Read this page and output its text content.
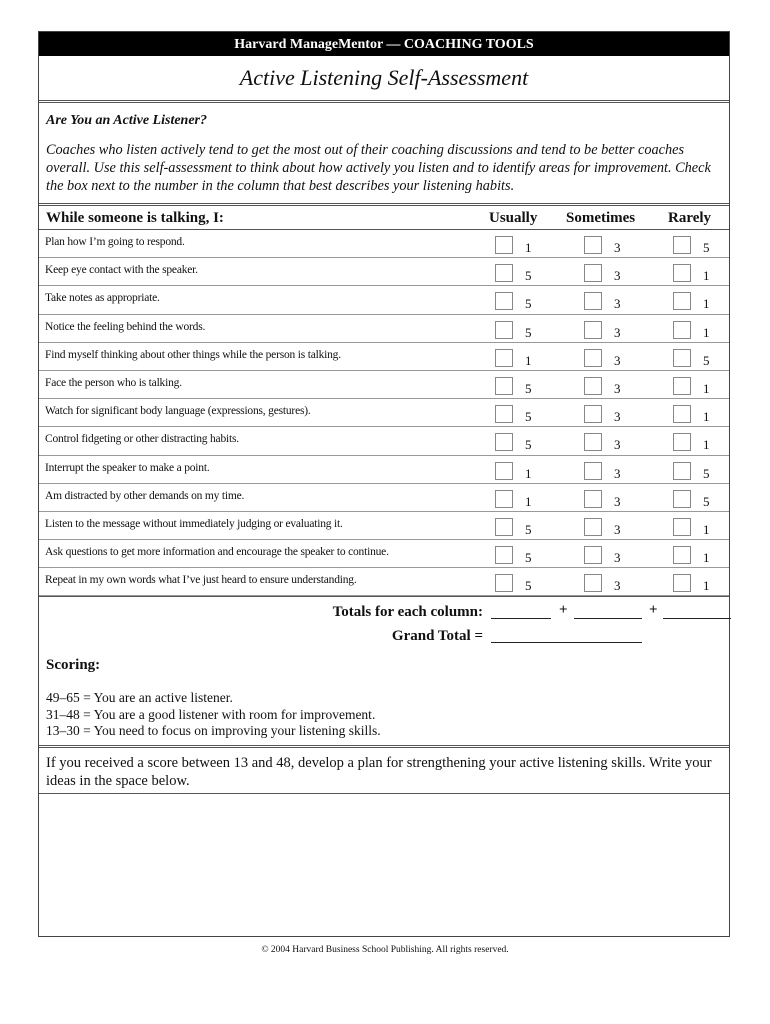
Harvard ManageMentor — COACHING TOOLS
Active Listening Self-Assessment

Are You an Active Listener?

Coaches who listen actively tend to get the most out of their coaching discussions and tend to be better coaches overall. Use this self-assessment to think about how actively you listen and to identify areas for improvement. Check the box next to the number in the column that best describes your listening habits.

While someone is talking, I:	Usually Sometimes Rarely
Plan how I’m going to respond.	1	3	5
Keep eye contact with the speaker.	5	3	1
Take notes as appropriate.	5	3	1
Notice the feeling behind the words.	5	3	1
Find myself thinking about other things while the person is talking.	1	3	5
Face the person who is talking.	5	3	1
Watch for significant body language (expressions, gestures).	5	3	1
Control fidgeting or other distracting habits.	5	3	1
Interrupt the speaker to make a point.	1	3	5
Am distracted by other demands on my time.	1	3	5
Listen to the message without immediately judging or evaluating it.	5	3	1
Ask questions to get more information and encourage the speaker to continue.	5	3	1
Repeat in my own words what I’ve just heard to ensure understanding.	5	3	1
Totals for each column:	+	+
Grand Total =

Scoring:

49–65 = You are an active listener.

31–48 = You are a good listener with room for improvement.

13–30 = You need to focus on improving your listening skills.

If you received a score between 13 and 48, develop a plan for strengthening your active listening skills. Write your ideas in the space below.
© 2004 Harvard Business School Publishing. All rights reserved.
